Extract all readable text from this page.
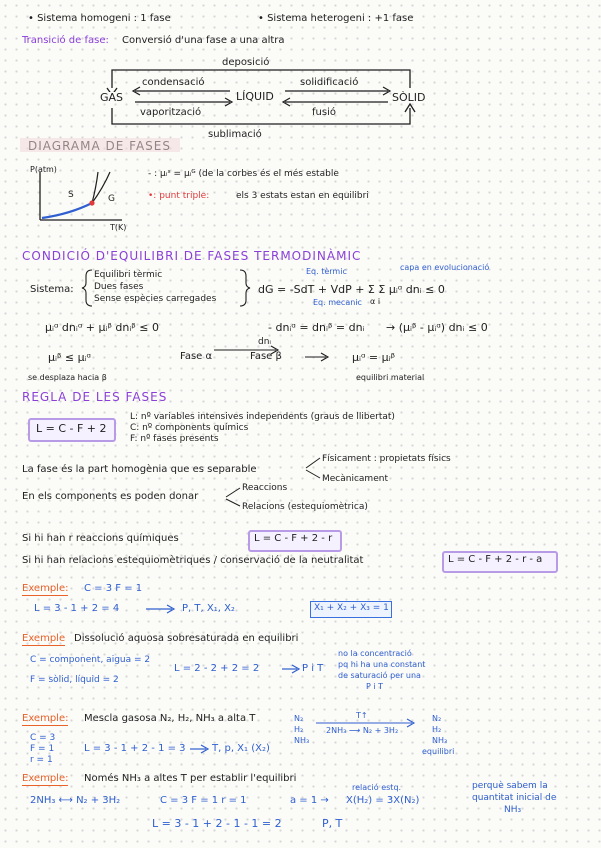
• Sistema homogeni : 1 fase	• Sistema heterogeni : +1 fase
Transició de fase: Conversió d'una fase a una altra
deposició
condensació	solidificació
GAS	LÍQUID	SÒLID
vaporització	fusió
sublimació
P(atm)
T(K)
S	G
- : μᵢˢ = μᵢᴳ (de la corbes és el més estable
•: punt triple:	els 3 estats estan en equilibri
CONDICIÓ D'EQUILIBRI DE FASES TERMODINÀMIC
Sistema:
Equilibri tèrmic
Dues fases
Sense espècies carregades
Eq. tèrmic
Eq. mecanic
capa en evolucionació
dG = -SdT + VdP + Σ Σ μᵢᵅ dnᵢ ≤ 0
α i
μᵢᵅ dnᵢᵅ + μᵢᵝ dnᵢᵝ ≤ 0	- dnᵢᵅ = dnᵢᵝ = dnᵢ → (μᵢᵝ - μᵢᵅ) dnᵢ ≤ 0
μᵢᵝ ≤ μᵢᵅ	Fase α
dnᵢ
Fase β	μᵢᵅ = μᵢᵝ
se desplaza hacia β	equilibri material
REGLA DE LES FASES
L = C - F + 2
L: nº variables intensives independents (graus de llibertat)
C: nº components químics
F: nº fases presents
La fase és la part homogènia que es separable
Físicament : propietats físics
Mecànicament
En els components es poden donar
Reaccions
Relacions (estequiomètrica)
Si hi han r reaccions químiques	L = C - F + 2 - r
Si hi han relacions estequiomètriques / conservació de la neutralitat	L = C - F + 2 - r - a
Exemple: C = 3 F = 1
L = 3 - 1 + 2 = 4	P, T, X₁, X₂	X₁ + X₂ + X₃ = 1
Exemple Dissolució aquosa sobresaturada en equilibri
C = component, aigua = 2
F = sòlid, líquid = 2
L = 2 - 2 + 2 = 2	P i T
no la concentració
pq hi ha una constant
de saturació per una
P i T
Exemple: Mescla gasosa N₂, H₂, NH₃ a alta T
C = 3
F = 1
r = 1
L = 3 - 1 + 2 - 1 = 3	T, p, X₁ (X₂)
N₂
H₂
NH₃
T↑
2NH₃ ⟶ N₂ + 3H₂
N₂
H₂
NH₃
equilibri
Exemple: Només NH₃ a altes T per establir l'equilibri
2NH₃ ⟷ N₂ + 3H₂	C = 3 F = 1 r = 1	a = 1 →
relació estq.
X(H₂) = 3X(N₂)
perquè sabem la
quantitat inicial de
NH₃
L = 3 - 1 + 2 - 1 - 1 = 2	P, T
